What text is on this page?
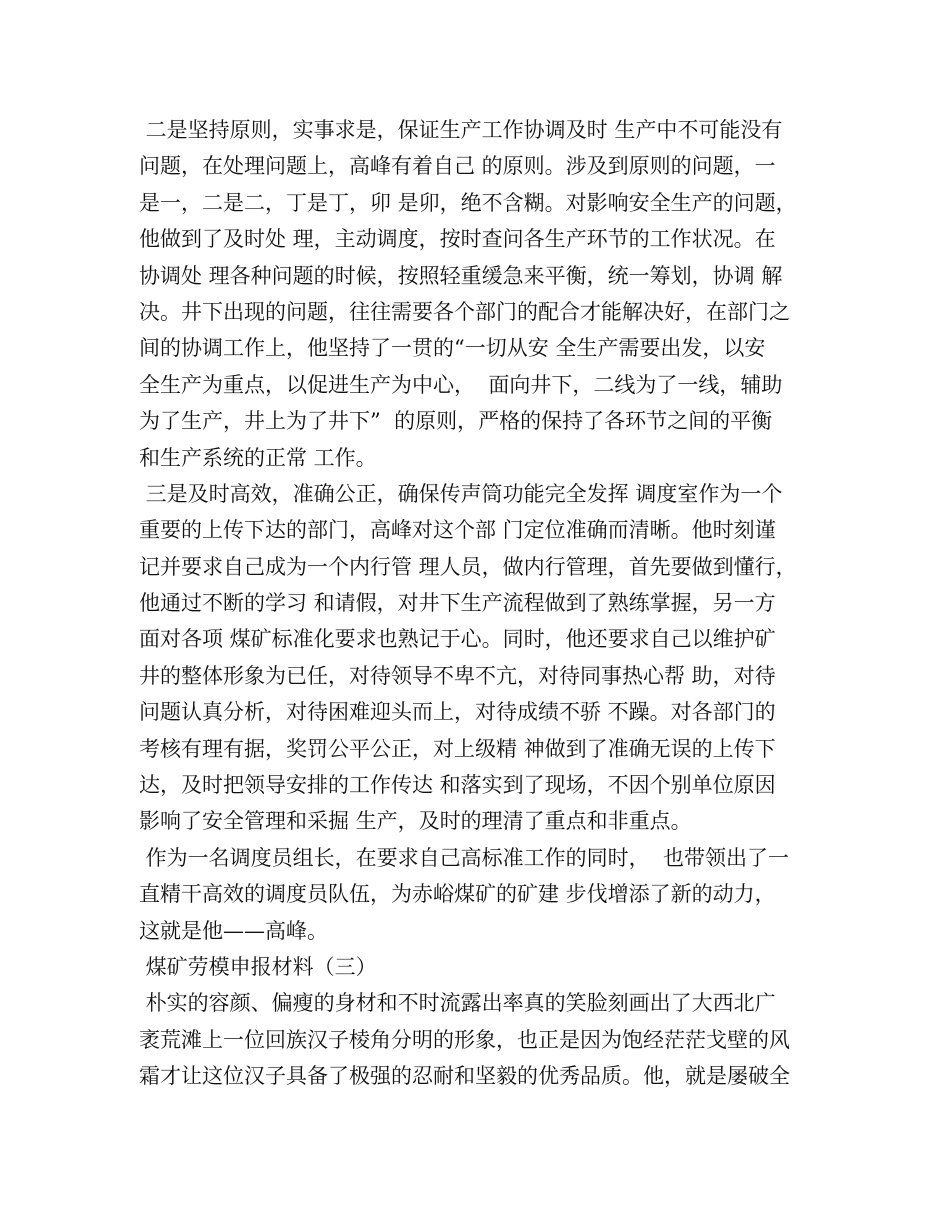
二是坚持原则，实事求是，保证生产工作协调及时 生产中不可能没有
问题，在处理问题上，高峰有着自己 的原则。涉及到原则的问题，一
是一，二是二，丁是丁，卯 是卯，绝不含糊。对影响安全生产的问题，
他做到了及时处 理，主动调度，按时查问各生产环节的工作状况。在
协调处 理各种问题的时候，按照轻重缓急来平衡，统一筹划，协调 解
决。井下出现的问题，往往需要各个部门的配合才能解决好，在部门之
间的协调工作上，他坚持了一贯的“一切从安 全生产需要出发，以安
全生产为重点，以促进生产为中心，  面向井下，二线为了一线，辅助
为了生产，井上为了井下”  的原则，严格的保持了各环节之间的平衡
和生产系统的正常 工作。
三是及时高效，准确公正，确保传声筒功能完全发挥 调度室作为一个
重要的上传下达的部门，高峰对这个部 门定位准确而清晰。他时刻谨
记并要求自己成为一个内行管 理人员，做内行管理，首先要做到懂行，
他通过不断的学习 和请假，对井下生产流程做到了熟练掌握，另一方
面对各项 煤矿标准化要求也熟记于心。同时，他还要求自己以维护矿
井的整体形象为已任，对待领导不卑不亢，对待同事热心帮 助，对待
问题认真分析，对待困难迎头而上，对待成绩不骄 不躁。对各部门的
考核有理有据，奖罚公平公正，对上级精 神做到了准确无误的上传下
达，及时把领导安排的工作传达 和落实到了现场，不因个别单位原因
影响了安全管理和采掘 生产，及时的理清了重点和非重点。
作为一名调度员组长，在要求自己高标准工作的同时，  也带领出了一
直精干高效的调度员队伍，为赤峪煤矿的矿建 步伐增添了新的动力，
这就是他——高峰。
煤矿劳模申报材料（三）
朴实的容颜、偏瘦的身材和不时流露出率真的笑脸刻画出了大西北广
袤荒滩上一位回族汉子棱角分明的形象，也正是因为饱经茫茫戈壁的风
霜才让这位汉子具备了极强的忍耐和坚毅的优秀品质。他，就是屡破全
